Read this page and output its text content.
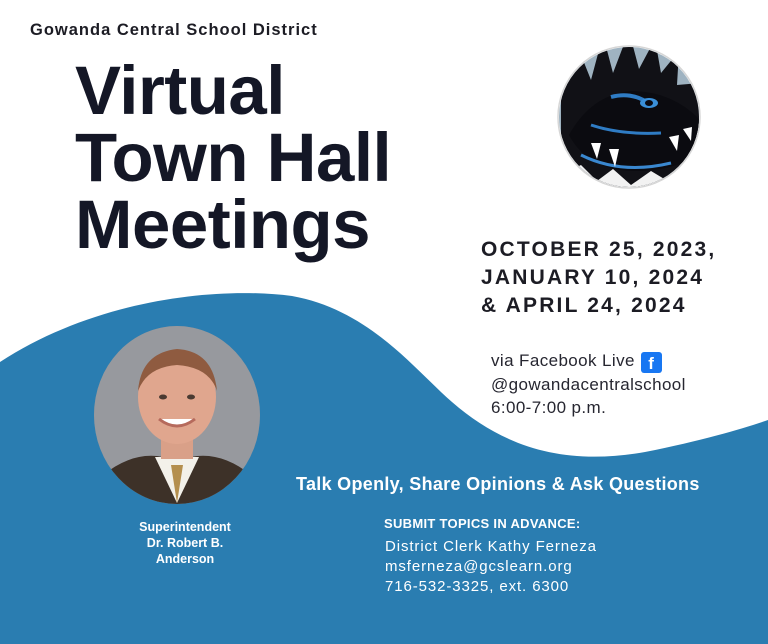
Gowanda Central School District
Virtual
Town Hall
Meetings	OCTOBER 25, 2023,
JANUARY 10, 2024
& APRIL 24, 2024
via Facebook Live f
@gowandacentralschool
6:00-7:00 p.m.
Talk Openly, Share Opinions & Ask Questions
Superintendent
Dr. Robert B.
Anderson
SUBMIT TOPICS IN ADVANCE:
District Clerk Kathy Ferneza
msferneza@gcslearn.org
716-532-3325, ext. 6300
